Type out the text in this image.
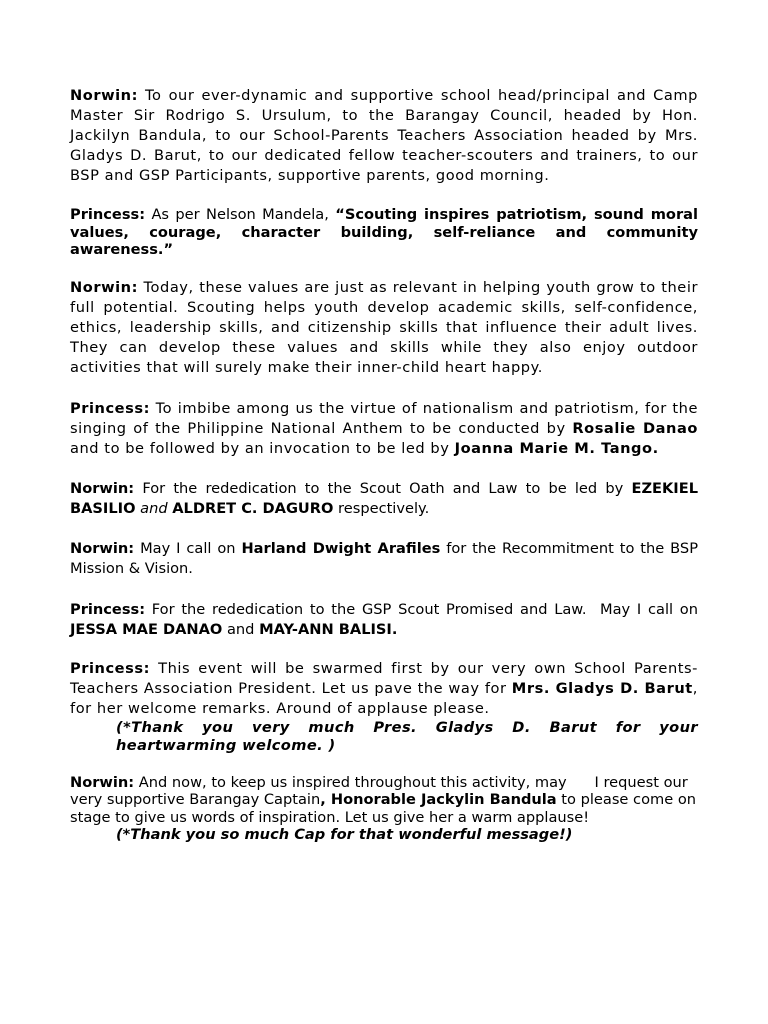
Norwin: To our ever-dynamic and supportive school head/principal and Camp Master Sir Rodrigo S. Ursulum, to the Barangay Council, headed by Hon. Jackilyn Bandula, to our School-Parents Teachers Association headed by Mrs. Gladys D. Barut, to our dedicated fellow teacher-scouters and trainers, to our BSP and GSP Participants, supportive parents, good morning.

Princess: As per Nelson Mandela, “Scouting inspires patriotism, sound moral values, courage, character building, self-reliance and community awareness.”

Norwin: Today, these values are just as relevant in helping youth grow to their full potential. Scouting helps youth develop academic skills, self-confidence, ethics, leadership skills, and citizenship skills that influence their adult lives. They can develop these values and skills while they also enjoy outdoor activities that will surely make their inner-child heart happy.

Princess: To imbibe among us the virtue of nationalism and patriotism, for the singing of the Philippine National Anthem to be conducted by Rosalie Danao and to be followed by an invocation to be led by Joanna Marie M. Tango.

Norwin: For the rededication to the Scout Oath and Law to be led by EZEKIEL BASILIO and ALDRET C. DAGURO respectively.

Norwin: May I call on Harland Dwight Arafiles for the Recommitment to the BSP Mission & Vision.

Princess: For the rededication to the GSP Scout Promised and Law.  May I call on JESSA MAE DANAO and MAY-ANN BALISI.

Princess: This event will be swarmed first by our very own School Parents-Teachers Association President. Let us pave the way for Mrs. Gladys D. Barut, for her welcome remarks. Around of applause please.
(*Thank you very much Pres. Gladys D. Barut for your heartwarming welcome. )

Norwin: And now, to keep us inspired throughout this activity, may      I request our very supportive Barangay Captain, Honorable Jackylin Bandula to please come on stage to give us words of inspiration. Let us give her a warm applause!
(*Thank you so much Cap for that wonderful message!)
